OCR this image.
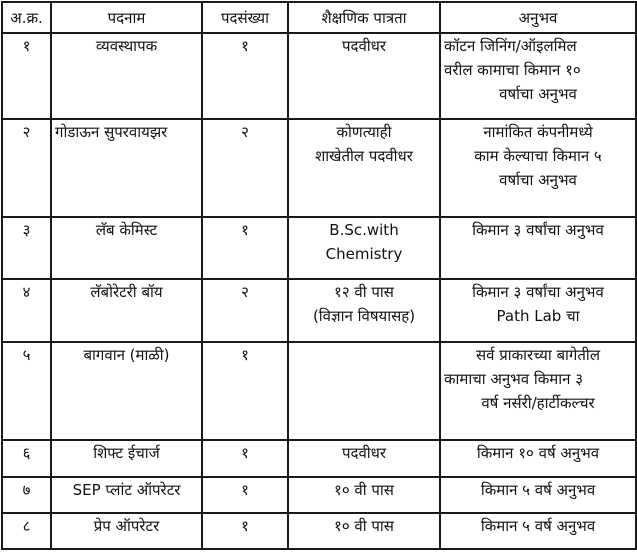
अ.क्र.	पदनाम	पदसंख्या	शैक्षणिक पात्रता	अनुभव
१	व्यवस्थापक	१	पदवीधर	कॉटन जिनिंग/ऑइलमिल
वरील कामाचा किमान १०
वर्षाचा अनुभव

२	गोडाऊन सुपरवायझर	२	कोणत्याही
शाखेतील पदवीधर	नामांकित कंपनीमध्ये
काम केल्याचा किमान ५
वर्षाचा अनुभव

३	लॅब केमिस्ट	१	B.Sc.with
Chemistry	किमान ३ वर्षांचा अनुभव

४	लॅबोरेटरी बॉय	२	१२ वी पास
(विज्ञान विषयासह)	किमान ३ वर्षांचा अनुभव
Path Lab चा

५	बागवान (माळी)	१		सर्व प्राकारच्या बागेतील
कामाचा अनुभव किमान ३
वर्ष नर्सरी/हार्टीकल्चर

६	शिफ्ट ईचार्ज	१	पदवीधर	किमान १० वर्ष अनुभव

७	SEP प्लांट ऑपरेटर	१	१० वी पास	किमान ५ वर्ष अनुभव

८	प्रेप ऑपरेटर	१	१० वी पास	किमान ५ वर्ष अनुभव
